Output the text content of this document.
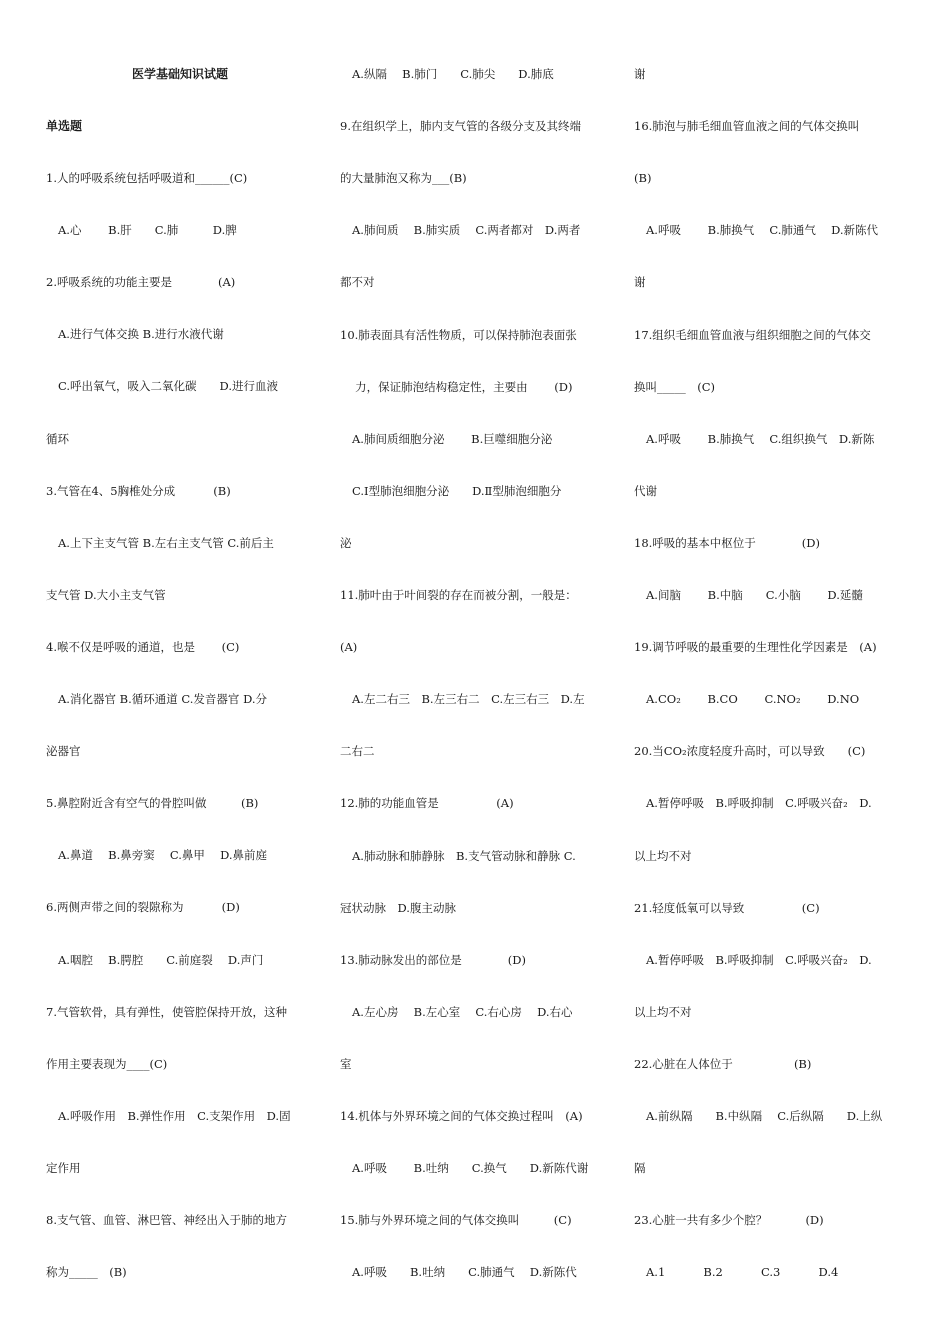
医学基础知识试题
单选题
1.人的呼吸系统包括呼吸道和______(C)
A.心　　 B.肝　　C.肺　　　D.脾
2.呼吸系统的功能主要是　　　　(A)
A.进行气体交换 B.进行水液代谢
C.呼出氧气，吸入二氧化碳　　D.进行血液
循环
3.气管在4、5胸椎处分成　　　 (B)
A.上下主支气管 B.左右主支气管 C.前后主
支气管 D.大小主支气管
4.喉不仅是呼吸的通道，也是　　 (C)
A.消化器官 B.循环通道 C.发音器官 D.分
泌器官
5.鼻腔附近含有空气的骨腔叫做　　　(B)
A.鼻道　 B.鼻旁窦　 C.鼻甲　 D.鼻前庭
6.两侧声带之间的裂隙称为　　　 (D)
A.咽腔　 B.腭腔　　C.前庭裂　 D.声门
7.气管软骨，具有弹性，使管腔保持开放，这种
作用主要表现为____(C)
A.呼吸作用　B.弹性作用　C.支架作用　D.固
定作用
8.支气管、血管、淋巴管、神经出入于肺的地方
称为_____　(B)
A.纵隔　 B.肺门　　C.肺尖　　D.肺底
9.在组织学上，肺内支气管的各级分支及其终端
的大量肺泡又称为___(B)
A.肺间质　 B.肺实质　 C.两者都对　D.两者
都不对
10.肺表面具有活性物质，可以保持肺泡表面张
　 力，保证肺泡结构稳定性，主要由　　 (D)
A.肺间质细胞分泌　　 B.巨噬细胞分泌
C.Ⅰ型肺泡细胞分泌　　D.Ⅱ型肺泡细胞分
泌
11.肺叶由于叶间裂的存在而被分割，一般是：
(A)
A.左二右三　B.左三右二　C.左三右三　D.左
二右二
12.肺的功能血管是　　　　　(A)
A.肺动脉和肺静脉　B.支气管动脉和静脉 C.
冠状动脉　D.腹主动脉
13.肺动脉发出的部位是　　　　(D)
A.左心房　 B.左心室　 C.右心房　 D.右心
室
14.机体与外界环境之间的气体交换过程叫　(A)
A.呼吸　　 B.吐纳　　C.换气　　D.新陈代谢
15.肺与外界环境之间的气体交换叫　　　(C)
A.呼吸　　B.吐纳　　C.肺通气　 D.新陈代
谢
16.肺泡与肺毛细血管血液之间的气体交换叫
(B)
A.呼吸　　 B.肺换气　 C.肺通气　 D.新陈代
谢
17.组织毛细血管血液与组织细胞之间的气体交
换叫_____　(C)
A.呼吸　　 B.肺换气　 C.组织换气　D.新陈
代谢
18.呼吸的基本中枢位于　　　　(D)
A.间脑　　 B.中脑　　C.小脑　　 D.延髓
19.调节呼吸的最重要的生理性化学因素是　(A)
A.CO₂　　 B.CO　　 C.NO₂　　 D.NO
20.当CO₂浓度轻度升高时，可以导致　　(C)
A.暂停呼吸　B.呼吸抑制　C.呼吸兴奋₂　D.
以上均不对
21.轻度低氧可以导致　　　　　(C)
A.暂停呼吸　B.呼吸抑制　C.呼吸兴奋₂　D.
以上均不对
22.心脏在人体位于　　　　　 (B)
A.前纵隔　　B.中纵隔　 C.后纵隔　　D.上纵
隔
23.心脏一共有多少个腔？　　　 (D)
A.1　　　 B.2　　　 C.3　　　 D.4
